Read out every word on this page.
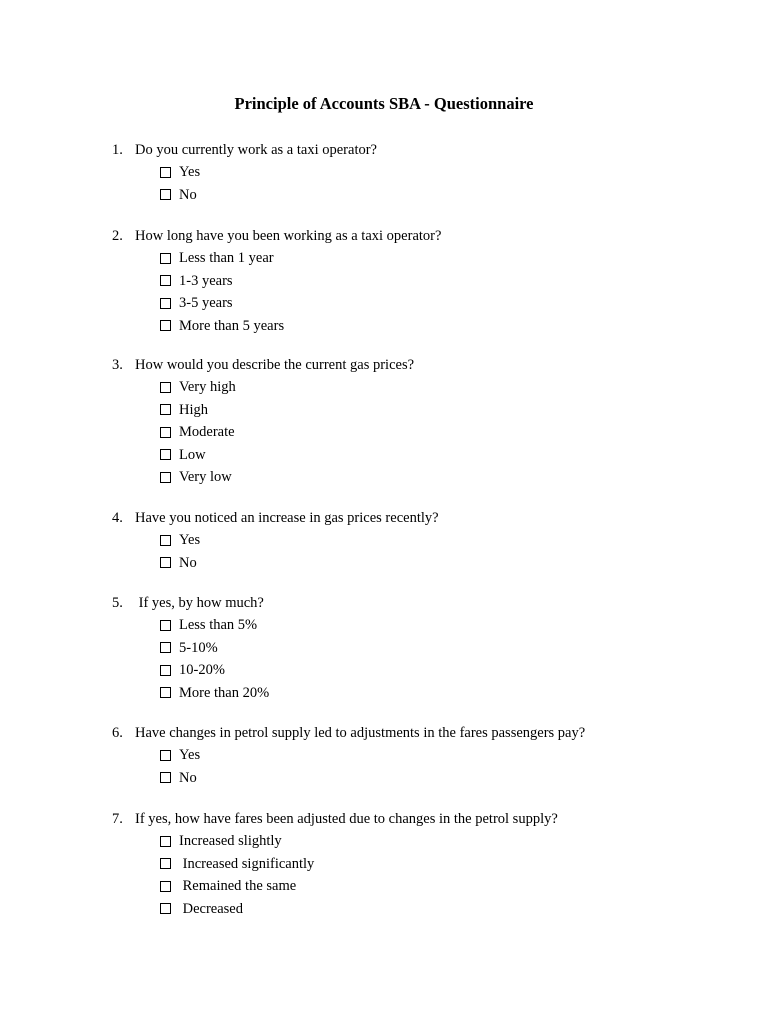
Principle of Accounts SBA - Questionnaire
1. Do you currently work as a taxi operator?
Yes
No
2. How long have you been working as a taxi operator?
Less than 1 year
1-3 years
3-5 years
More than 5 years
3. How would you describe the current gas prices?
Very high
High
Moderate
Low
Very low
4. Have you noticed an increase in gas prices recently?
Yes
No
5. If yes, by how much?
Less than 5%
5-10%
10-20%
More than 20%
6. Have changes in petrol supply led to adjustments in the fares passengers pay?
Yes
No
7. If yes, how have fares been adjusted due to changes in the petrol supply?
Increased slightly
Increased significantly
Remained the same
Decreased
